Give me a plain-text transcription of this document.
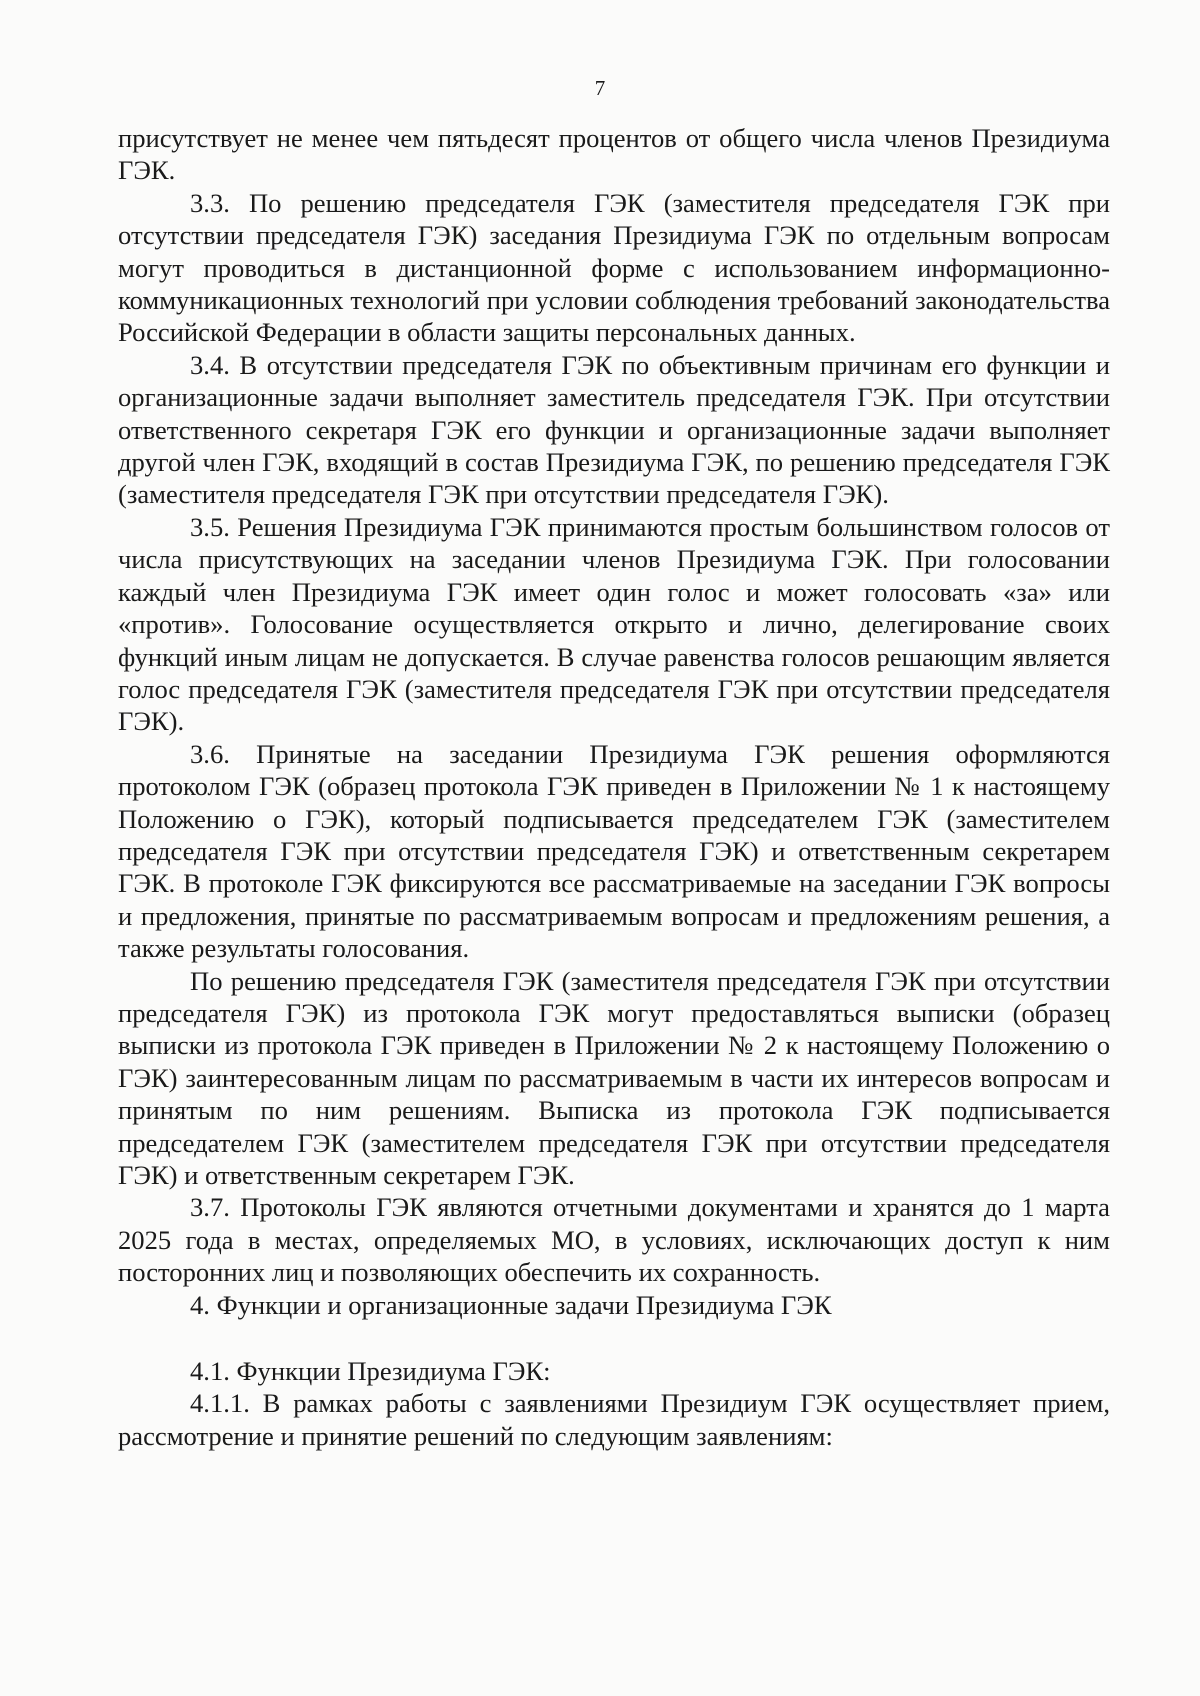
7

присутствует не менее чем пятьдесят процентов от общего числа членов Президиума ГЭК.

3.3. По решению председателя ГЭК (заместителя председателя ГЭК при отсутствии председателя ГЭК) заседания Президиума ГЭК по отдельным вопросам могут проводиться в дистанционной форме с использованием информационно-коммуникационных технологий при условии соблюдения требований законодательства Российской Федерации в области защиты персональных данных.

3.4. В отсутствии председателя ГЭК по объективным причинам его функции и организационные задачи выполняет заместитель председателя ГЭК. При отсутствии ответственного секретаря ГЭК его функции и организационные задачи выполняет другой член ГЭК, входящий в состав Президиума ГЭК, по решению председателя ГЭК (заместителя председателя ГЭК при отсутствии председателя ГЭК).

3.5. Решения Президиума ГЭК принимаются простым большинством голосов от числа присутствующих на заседании членов Президиума ГЭК. При голосовании каждый член Президиума ГЭК имеет один голос и может голосовать «за» или «против». Голосование осуществляется открыто и лично, делегирование своих функций иным лицам не допускается. В случае равенства голосов решающим является голос председателя ГЭК (заместителя председателя ГЭК при отсутствии председателя ГЭК).

3.6. Принятые на заседании Президиума ГЭК решения оформляются протоколом ГЭК (образец протокола ГЭК приведен в Приложении № 1 к настоящему Положению о ГЭК), который подписывается председателем ГЭК (заместителем председателя ГЭК при отсутствии председателя ГЭК) и ответственным секретарем ГЭК. В протоколе ГЭК фиксируются все рассматриваемые на заседании ГЭК вопросы и предложения, принятые по рассматриваемым вопросам и предложениям решения, а также результаты голосования.

По решению председателя ГЭК (заместителя председателя ГЭК при отсутствии председателя ГЭК) из протокола ГЭК могут предоставляться выписки (образец выписки из протокола ГЭК приведен в Приложении № 2 к настоящему Положению о ГЭК) заинтересованным лицам по рассматриваемым в части их интересов вопросам и принятым по ним решениям. Выписка из протокола ГЭК подписывается председателем ГЭК (заместителем председателя ГЭК при отсутствии председателя ГЭК) и ответственным секретарем ГЭК.

3.7. Протоколы ГЭК являются отчетными документами и хранятся до 1 марта 2025 года в местах, определяемых МО, в условиях, исключающих доступ к ним посторонних лиц и позволяющих обеспечить их сохранность.

4. Функции и организационные задачи Президиума ГЭК

4.1. Функции Президиума ГЭК:

4.1.1. В рамках работы с заявлениями Президиум ГЭК осуществляет прием, рассмотрение и принятие решений по следующим заявлениям:
